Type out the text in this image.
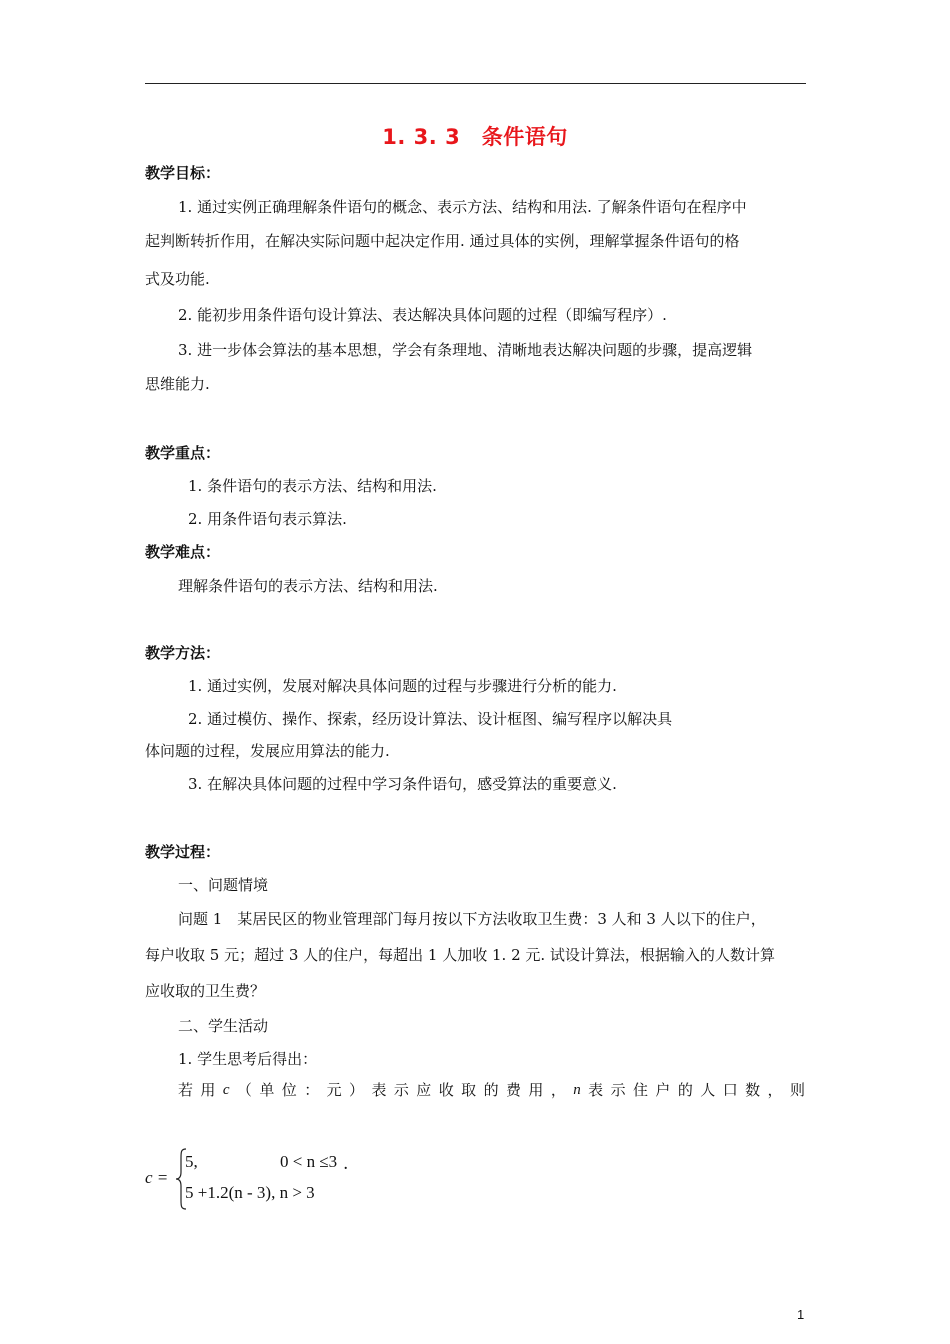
1. 3. 3　条件语句
教学目标：
1. 通过实例正确理解条件语句的概念、表示方法、结构和用法. 了解条件语句在程序中
起判断转折作用，在解决实际问题中起决定作用. 通过具体的实例，理解掌握条件语句的格
式及功能.
2. 能初步用条件语句设计算法、表达解决具体问题的过程（即编写程序）.
3. 进一步体会算法的基本思想，学会有条理地、清晰地表达解决问题的步骤，提高逻辑
思维能力.
教学重点：
1. 条件语句的表示方法、结构和用法.
2. 用条件语句表示算法.
教学难点：
理解条件语句的表示方法、结构和用法.
教学方法：
1. 通过实例，发展对解决具体问题的过程与步骤进行分析的能力.
2. 通过模仿、操作、探索，经历设计算法、设计框图、编写程序以解决具
体问题的过程，发展应用算法的能力.
3. 在解决具体问题的过程中学习条件语句，感受算法的重要意义.
教学过程：
一、问题情境
问题 1　某居民区的物业管理部门每月按以下方法收取卫生费：3 人和 3 人以下的住户，
每户收取 5 元；超过 3 人的住户，每超出 1 人加收 1. 2 元. 试设计算法，根据输入的人数计算
应收取的卫生费？
二、学生活动
1. 学生思考后得出：
若 用 c （ 单 位 ： 元 ） 表 示 应 收 取 的 费 用 ， n 表 示 住 户 的 人 口 数 ， 则
c =
5,	0 < n ≤3 .
5 +1.2(n - 3), n > 3
1
